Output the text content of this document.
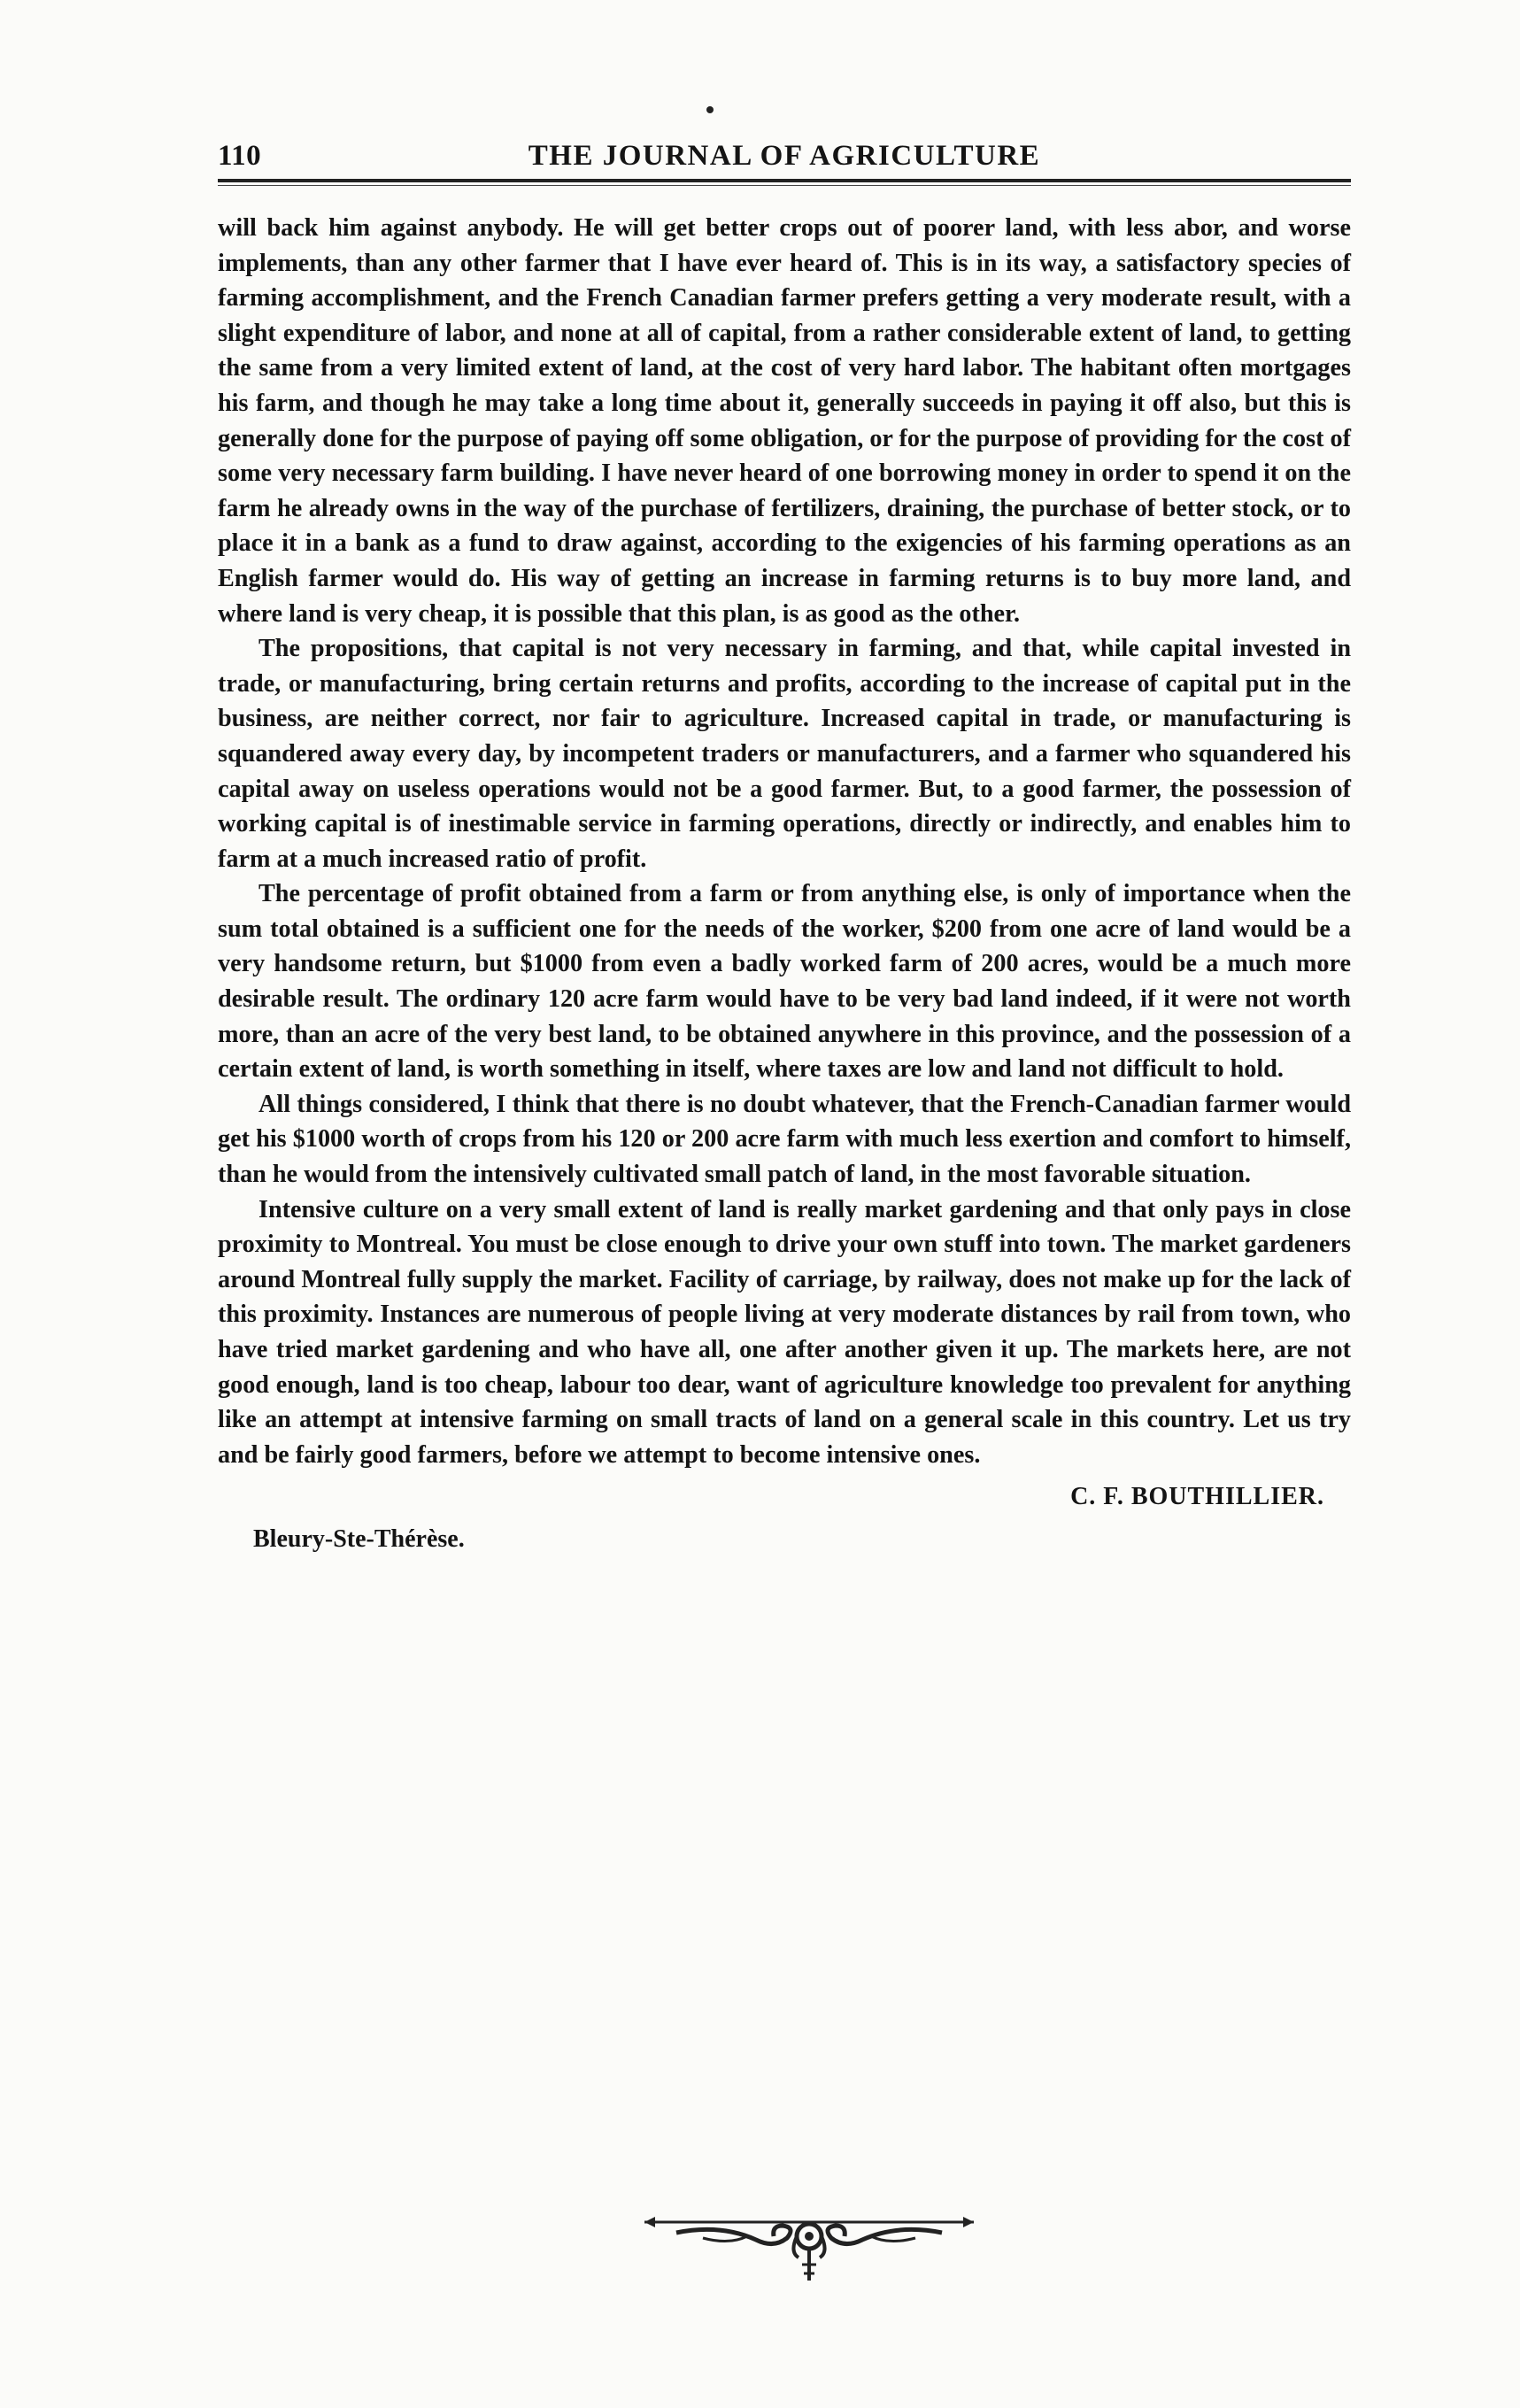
110	THE JOURNAL OF AGRICULTURE

will back him against anybody. He will get better crops out of poorer land, with less abor, and worse implements, than any other farmer that I have ever heard of. This is in its way, a satisfactory species of farming accomplishment, and the French Canadian farmer prefers getting a very moderate result, with a slight expenditure of labor, and none at all of capital, from a rather considerable extent of land, to getting the same from a very limited extent of land, at the cost of very hard labor. The habitant often mortgages his farm, and though he may take a long time about it, generally succeeds in paying it off also, but this is generally done for the purpose of paying off some obligation, or for the purpose of providing for the cost of some very necessary farm building. I have never heard of one borrowing money in order to spend it on the farm he already owns in the way of the purchase of fertilizers, draining, the purchase of better stock, or to place it in a bank as a fund to draw against, according to the exigencies of his farming operations as an English farmer would do. His way of getting an increase in farming returns is to buy more land, and where land is very cheap, it is possible that this plan, is as good as the other.

The propositions, that capital is not very necessary in farming, and that, while capital invested in trade, or manufacturing, bring certain returns and profits, according to the increase of capital put in the business, are neither correct, nor fair to agriculture. Increased capital in trade, or manufacturing is squandered away every day, by incompetent traders or manufacturers, and a farmer who squandered his capital away on useless operations would not be a good farmer. But, to a good farmer, the possession of working capital is of inestimable service in farming operations, directly or indirectly, and enables him to farm at a much increased ratio of profit.

The percentage of profit obtained from a farm or from anything else, is only of importance when the sum total obtained is a sufficient one for the needs of the worker, $200 from one acre of land would be a very handsome return, but $1000 from even a badly worked farm of 200 acres, would be a much more desirable result. The ordinary 120 acre farm would have to be very bad land indeed, if it were not worth more, than an acre of the very best land, to be obtained anywhere in this province, and the possession of a certain extent of land, is worth something in itself, where taxes are low and land not difficult to hold.

All things considered, I think that there is no doubt whatever, that the French-Canadian farmer would get his $1000 worth of crops from his 120 or 200 acre farm with much less exertion and comfort to himself, than he would from the intensively cultivated small patch of land, in the most favorable situation.

Intensive culture on a very small extent of land is really market gardening and that only pays in close proximity to Montreal. You must be close enough to drive your own stuff into town. The market gardeners around Montreal fully supply the market. Facility of carriage, by railway, does not make up for the lack of this proximity. Instances are numerous of people living at very moderate distances by rail from town, who have tried market gardening and who have all, one after another given it up. The markets here, are not good enough, land is too cheap, labour too dear, want of agriculture knowledge too prevalent for anything like an attempt at intensive farming on small tracts of land on a general scale in this country. Let us try and be fairly good farmers, before we attempt to become intensive ones.

C. F. BOUTHILLIER.
Bleury-Ste-Thérèse.
